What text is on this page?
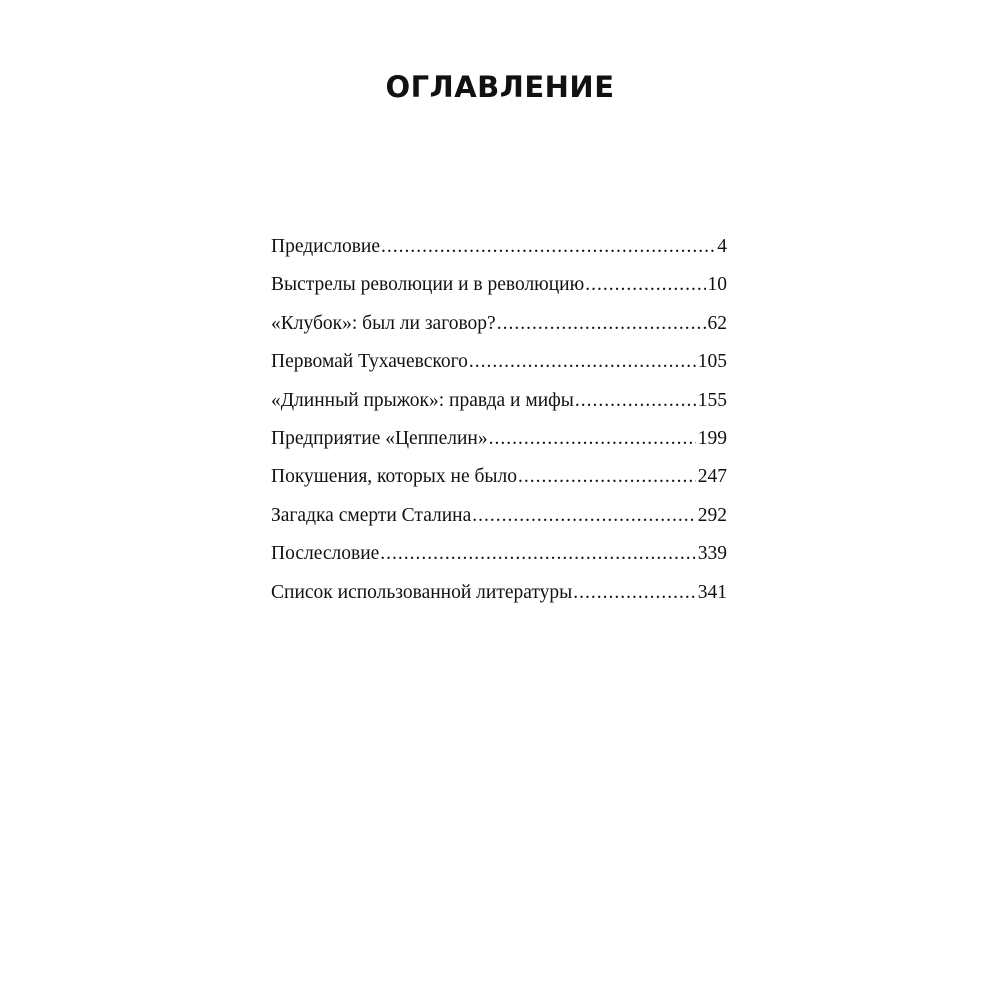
ОГЛАВЛЕНИЕ
Предисловие .....	4
Выстрелы революции и в революцию .....	10
«Клубок»: был ли заговор? .....	62
Первомай Тухачевского .....	105
«Длинный прыжок»: правда и мифы .....	155
Предприятие «Цеппелин» .....	199
Покушения, которых не было .....	247
Загадка смерти Сталина .....	292
Послесловие .....	339
Список использованной литературы .....	341
